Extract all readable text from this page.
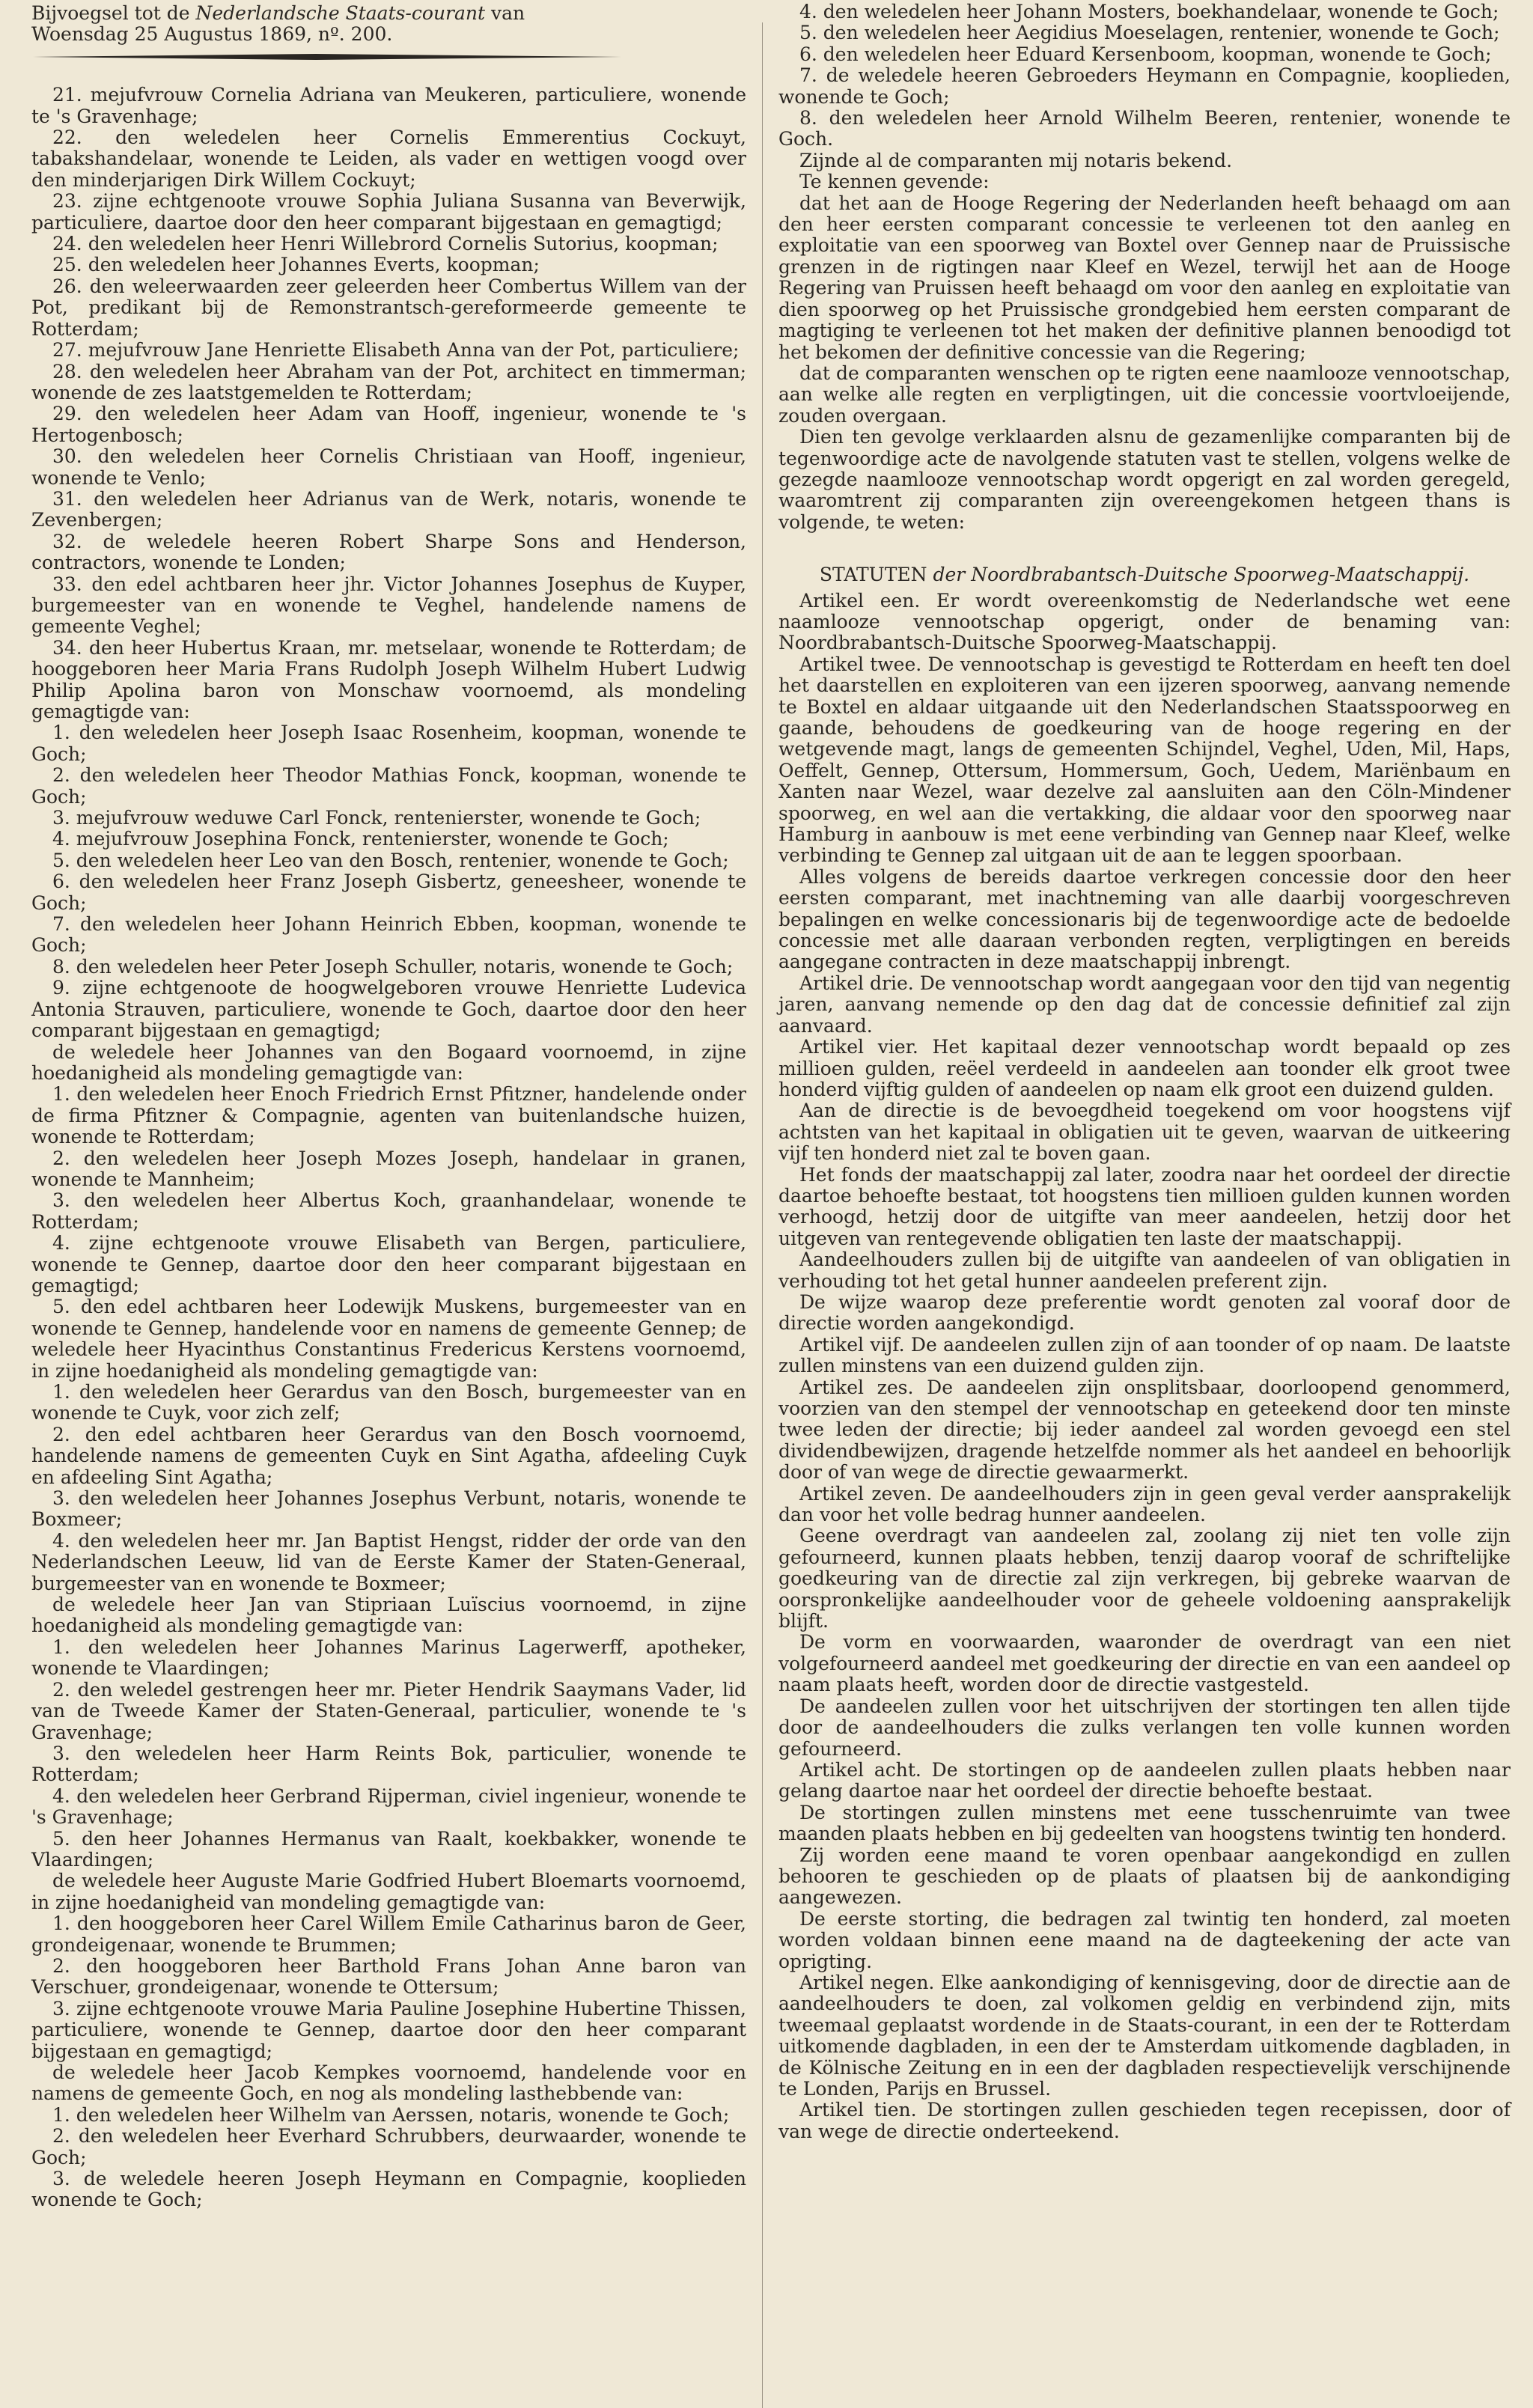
Bijvoegsel tot de Nederlandsche Staats-courant van
Woensdag 25 Augustus 1869, nº. 200.

21. mejufvrouw Cornelia Adriana van Meukeren, particuliere, wonende te 's Gravenhage;

22. den weledelen heer Cornelis Emmerentius Cockuyt, tabakshandelaar, wonende te Leiden, als vader en wettigen voogd over den minderjarigen Dirk Willem Cockuyt;

23. zijne echtgenoote vrouwe Sophia Juliana Susanna van Beverwijk, particuliere, daartoe door den heer comparant bijgestaan en gemagtigd;

24. den weledelen heer Henri Willebrord Cornelis Sutorius, koopman;

25. den weledelen heer Johannes Everts, koopman;

26. den weleerwaarden zeer geleerden heer Combertus Willem van der Pot, predikant bij de Remonstrantsch-gereformeerde gemeente te Rotterdam;

27. mejufvrouw Jane Henriette Elisabeth Anna van der Pot, particuliere;

28. den weledelen heer Abraham van der Pot, architect en timmerman; wonende de zes laatstgemelden te Rotterdam;

29. den weledelen heer Adam van Hooff, ingenieur, wonende te 's Hertogenbosch;

30. den weledelen heer Cornelis Christiaan van Hooff, ingenieur, wonende te Venlo;

31. den weledelen heer Adrianus van de Werk, notaris, wonende te Zevenbergen;

32. de weledele heeren Robert Sharpe Sons and Henderson, contractors, wonende te Londen;

33. den edel achtbaren heer jhr. Victor Johannes Josephus de Kuyper, burgemeester van en wonende te Veghel, handelende namens de gemeente Veghel;

34. den heer Hubertus Kraan, mr. metselaar, wonende te Rotterdam; de hooggeboren heer Maria Frans Rudolph Joseph Wilhelm Hubert Ludwig Philip Apolina baron von Monschaw voornoemd, als mondeling gemagtigde van:

1. den weledelen heer Joseph Isaac Rosenheim, koopman, wonende te Goch;

2. den weledelen heer Theodor Mathias Fonck, koopman, wonende te Goch;

3. mejufvrouw weduwe Carl Fonck, rentenierster, wonende te Goch;

4. mejufvrouw Josephina Fonck, rentenierster, wonende te Goch;

5. den weledelen heer Leo van den Bosch, rentenier, wonende te Goch;

6. den weledelen heer Franz Joseph Gisbertz, geneesheer, wonende te Goch;

7. den weledelen heer Johann Heinrich Ebben, koopman, wonende te Goch;

8. den weledelen heer Peter Joseph Schuller, notaris, wonende te Goch;

9. zijne echtgenoote de hoogwelgeboren vrouwe Henriette Ludevica Antonia Strauven, particuliere, wonende te Goch, daartoe door den heer comparant bijgestaan en gemagtigd;

de weledele heer Johannes van den Bogaard voornoemd, in zijne hoedanigheid als mondeling gemagtigde van:

1. den weledelen heer Enoch Friedrich Ernst Pfitzner, handelende onder de firma Pfitzner & Compagnie, agenten van buitenlandsche huizen, wonende te Rotterdam;

2. den weledelen heer Joseph Mozes Joseph, handelaar in granen, wonende te Mannheim;

3. den weledelen heer Albertus Koch, graanhandelaar, wonende te Rotterdam;

4. zijne echtgenoote vrouwe Elisabeth van Bergen, particuliere, wonende te Gennep, daartoe door den heer comparant bijgestaan en gemagtigd;

5. den edel achtbaren heer Lodewijk Muskens, burgemeester van en wonende te Gennep, handelende voor en namens de gemeente Gennep; de weledele heer Hyacinthus Constantinus Fredericus Kerstens voornoemd, in zijne hoedanigheid als mondeling gemagtigde van:

1. den weledelen heer Gerardus van den Bosch, burgemeester van en wonende te Cuyk, voor zich zelf;

2. den edel achtbaren heer Gerardus van den Bosch voornoemd, handelende namens de gemeenten Cuyk en Sint Agatha, afdeeling Cuyk en afdeeling Sint Agatha;

3. den weledelen heer Johannes Josephus Verbunt, notaris, wonende te Boxmeer;

4. den weledelen heer mr. Jan Baptist Hengst, ridder der orde van den Nederlandschen Leeuw, lid van de Eerste Kamer der Staten-Generaal, burgemeester van en wonende te Boxmeer;

de weledele heer Jan van Stipriaan Luïscius voornoemd, in zijne hoedanigheid als mondeling gemagtigde van:

1. den weledelen heer Johannes Marinus Lagerwerff, apotheker, wonende te Vlaardingen;

2. den weledel gestrengen heer mr. Pieter Hendrik Saaymans Vader, lid van de Tweede Kamer der Staten-Generaal, particulier, wonende te 's Gravenhage;

3. den weledelen heer Harm Reints Bok, particulier, wonende te Rotterdam;

4. den weledelen heer Gerbrand Rijperman, civiel ingenieur, wonende te 's Gravenhage;

5. den heer Johannes Hermanus van Raalt, koekbakker, wonende te Vlaardingen;

de weledele heer Auguste Marie Godfried Hubert Bloemarts voornoemd, in zijne hoedanigheid van mondeling gemagtigde van:

1. den hooggeboren heer Carel Willem Emile Catharinus baron de Geer, grondeigenaar, wonende te Brummen;

2. den hooggeboren heer Barthold Frans Johan Anne baron van Verschuer, grondeigenaar, wonende te Ottersum;

3. zijne echtgenoote vrouwe Maria Pauline Josephine Hubertine Thissen, particuliere, wonende te Gennep, daartoe door den heer comparant bijgestaan en gemagtigd;

de weledele heer Jacob Kempkes voornoemd, handelende voor en namens de gemeente Goch, en nog als mondeling lasthebbende van:

1. den weledelen heer Wilhelm van Aerssen, notaris, wonende te Goch;

2. den weledelen heer Everhard Schrubbers, deurwaarder, wonende te Goch;

3. de weledele heeren Joseph Heymann en Compagnie, kooplieden wonende te Goch;

4. den weledelen heer Johann Mosters, boekhandelaar, wonende te Goch;

5. den weledelen heer Aegidius Moeselagen, rentenier, wonende te Goch;

6. den weledelen heer Eduard Kersenboom, koopman, wonende te Goch;

7. de weledele heeren Gebroeders Heymann en Compagnie, kooplieden, wonende te Goch;

8. den weledelen heer Arnold Wilhelm Beeren, rentenier, wonende te Goch.

Zijnde al de comparanten mij notaris bekend.

Te kennen gevende:

dat het aan de Hooge Regering der Nederlanden heeft behaagd om aan den heer eersten comparant concessie te verleenen tot den aanleg en exploitatie van een spoorweg van Boxtel over Gennep naar de Pruissische grenzen in de rigtingen naar Kleef en Wezel, terwijl het aan de Hooge Regering van Pruissen heeft behaagd om voor den aanleg en exploitatie van dien spoorweg op het Pruissische grondgebied hem eersten comparant de magtiging te verleenen tot het maken der definitive plannen benoodigd tot het bekomen der definitive concessie van die Regering;

dat de comparanten wenschen op te rigten eene naamlooze vennootschap, aan welke alle regten en verpligtingen, uit die concessie voortvloeijende, zouden overgaan.

Dien ten gevolge verklaarden alsnu de gezamenlijke comparanten bij de tegenwoordige acte de navolgende statuten vast te stellen, volgens welke de gezegde naamlooze vennootschap wordt opgerigt en zal worden geregeld, waaromtrent zij comparanten zijn overeengekomen hetgeen thans is volgende, te weten:

STATUTEN der Noordbrabantsch-Duitsche Spoorweg-Maatschappij.

Artikel een. Er wordt overeenkomstig de Nederlandsche wet eene naamlooze vennootschap opgerigt, onder de benaming van: Noordbrabantsch-Duitsche Spoorweg-Maatschappij.

Artikel twee. De vennootschap is gevestigd te Rotterdam en heeft ten doel het daarstellen en exploiteren van een ijzeren spoorweg, aanvang nemende te Boxtel en aldaar uitgaande uit den Nederlandschen Staatsspoorweg en gaande, behoudens de goedkeuring van de hooge regering en der wetgevende magt, langs de gemeenten Schijndel, Veghel, Uden, Mil, Haps, Oeffelt, Gennep, Ottersum, Hommersum, Goch, Uedem, Mariënbaum en Xanten naar Wezel, waar dezelve zal aansluiten aan den Cöln-Mindener spoorweg, en wel aan die vertakking, die aldaar voor den spoorweg naar Hamburg in aanbouw is met eene verbinding van Gennep naar Kleef, welke verbinding te Gennep zal uitgaan uit de aan te leggen spoorbaan.

Alles volgens de bereids daartoe verkregen concessie door den heer eersten comparant, met inachtneming van alle daarbij voorgeschreven bepalingen en welke concessionaris bij de tegenwoordige acte de bedoelde concessie met alle daaraan verbonden regten, verpligtingen en bereids aangegane contracten in deze maatschappij inbrengt.

Artikel drie. De vennootschap wordt aangegaan voor den tijd van negentig jaren, aanvang nemende op den dag dat de concessie definitief zal zijn aanvaard.

Artikel vier. Het kapitaal dezer vennootschap wordt bepaald op zes millioen gulden, reëel verdeeld in aandeelen aan toonder elk groot twee honderd vijftig gulden of aandeelen op naam elk groot een duizend gulden.

Aan de directie is de bevoegdheid toegekend om voor hoogstens vijf achtsten van het kapitaal in obligatien uit te geven, waarvan de uitkeering vijf ten honderd niet zal te boven gaan.

Het fonds der maatschappij zal later, zoodra naar het oordeel der directie daartoe behoefte bestaat, tot hoogstens tien millioen gulden kunnen worden verhoogd, hetzij door de uitgifte van meer aandeelen, hetzij door het uitgeven van rentegevende obligatien ten laste der maatschappij.

Aandeelhouders zullen bij de uitgifte van aandeelen of van obligatien in verhouding tot het getal hunner aandeelen preferent zijn.

De wijze waarop deze preferentie wordt genoten zal vooraf door de directie worden aangekondigd.

Artikel vijf. De aandeelen zullen zijn of aan toonder of op naam. De laatste zullen minstens van een duizend gulden zijn.

Artikel zes. De aandeelen zijn onsplitsbaar, doorloopend genommerd, voorzien van den stempel der vennootschap en geteekend door ten minste twee leden der directie; bij ieder aandeel zal worden gevoegd een stel dividendbewijzen, dragende hetzelfde nommer als het aandeel en behoorlijk door of van wege de directie gewaarmerkt.

Artikel zeven. De aandeelhouders zijn in geen geval verder aansprakelijk dan voor het volle bedrag hunner aandeelen.

Geene overdragt van aandeelen zal, zoolang zij niet ten volle zijn gefourneerd, kunnen plaats hebben, tenzij daarop vooraf de schriftelijke goedkeuring van de directie zal zijn verkregen, bij gebreke waarvan de oorspronkelijke aandeelhouder voor de geheele voldoening aansprakelijk blijft.

De vorm en voorwaarden, waaronder de overdragt van een niet volgefourneerd aandeel met goedkeuring der directie en van een aandeel op naam plaats heeft, worden door de directie vastgesteld.

De aandeelen zullen voor het uitschrijven der stortingen ten allen tijde door de aandeelhouders die zulks verlangen ten volle kunnen worden gefourneerd.

Artikel acht. De stortingen op de aandeelen zullen plaats hebben naar gelang daartoe naar het oordeel der directie behoefte bestaat.

De stortingen zullen minstens met eene tusschenruimte van twee maanden plaats hebben en bij gedeelten van hoogstens twintig ten honderd.

Zij worden eene maand te voren openbaar aangekondigd en zullen behooren te geschieden op de plaats of plaatsen bij de aankondiging aangewezen.

De eerste storting, die bedragen zal twintig ten honderd, zal moeten worden voldaan binnen eene maand na de dagteekening der acte van oprigting.

Artikel negen. Elke aankondiging of kennisgeving, door de directie aan de aandeelhouders te doen, zal volkomen geldig en verbindend zijn, mits tweemaal geplaatst wordende in de Staats-courant, in een der te Rotterdam uitkomende dagbladen, in een der te Amsterdam uitkomende dagbladen, in de Kölnische Zeitung en in een der dagbladen respectievelijk verschijnende te Londen, Parijs en Brussel.

Artikel tien. De stortingen zullen geschieden tegen recepissen, door of van wege de directie onderteekend.
